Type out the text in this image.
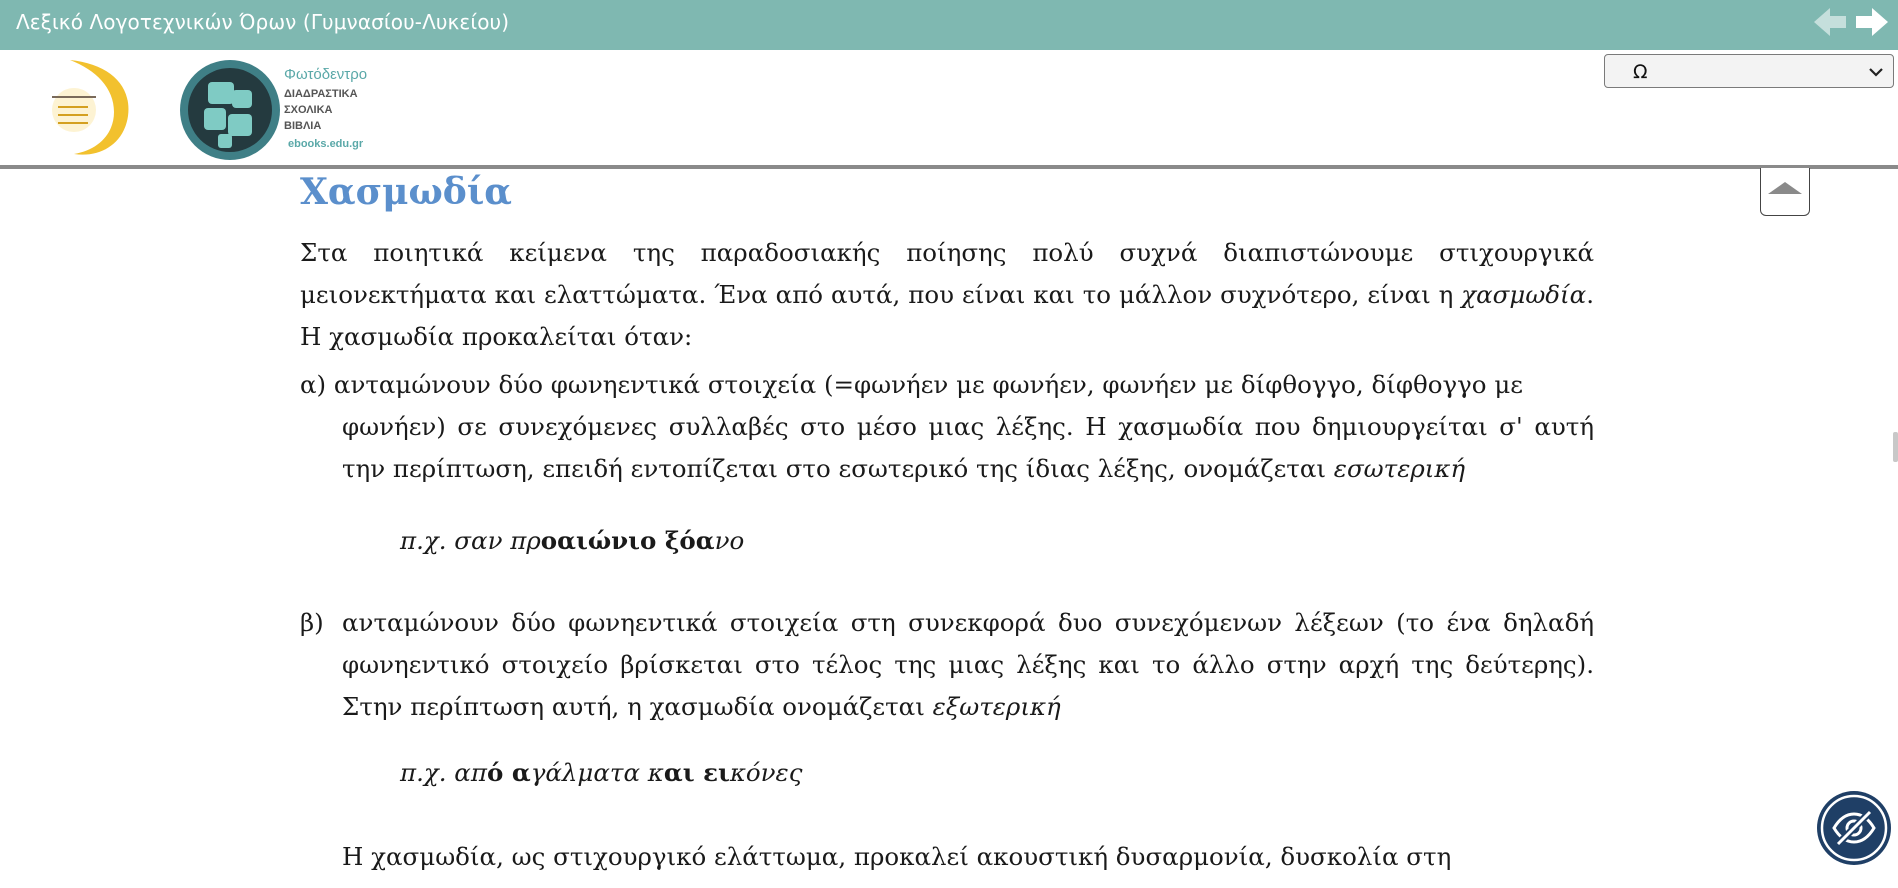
Λεξικό Λογοτεχνικών Όρων (Γυμνασίου-Λυκείου)
Φωτόδεντρο
ΔΙΑΔΡΑΣΤΙΚΑ
ΣΧΟΛΙΚΑ
ΒΙΒΛΙΑ
ebooks.edu.gr
Ω
Χασμωδία

Στα ποιητικά κείμενα της παραδοσιακής ποίησης πολύ συχνά διαπιστώνουμε στιχουργικά μειονεκτήματα και ελαττώματα. Ένα από αυτά, που είναι και το μάλλον συχνότερο, είναι η χασμωδία. Η χασμωδία προκαλείται όταν:

α) ανταμώνουν δύο φωνηεντικά στοιχεία (=φωνήεν με φωνήεν, φωνήεν με δίφθογγο, δίφθογγο με
φωνήεν) σε συνεχόμενες συλλαβές στο μέσο μιας λέξης. Η χασμωδία που δημιουργείται σ' αυτή την περίπτωση, επειδή εντοπίζεται στο εσωτερικό της ίδιας λέξης, ονομάζεται εσωτερική
π.χ. σαν προαιώνιο ξόανο
β) ανταμώνουν δύο φωνηεντικά στοιχεία στη συνεκφορά δυο συνεχόμενων λέξεων (το ένα δηλαδή φωνηεντικό στοιχείο βρίσκεται στο τέλος της μιας λέξης και το άλλο στην αρχή της δεύτερης). Στην περίπτωση αυτή, η χασμωδία ονομάζεται εξωτερική
π.χ. από αγάλματα και εικόνες

Η χασμωδία, ως στιχουργικό ελάττωμα, προκαλεί ακουστική δυσαρμονία, δυσκολία στη
